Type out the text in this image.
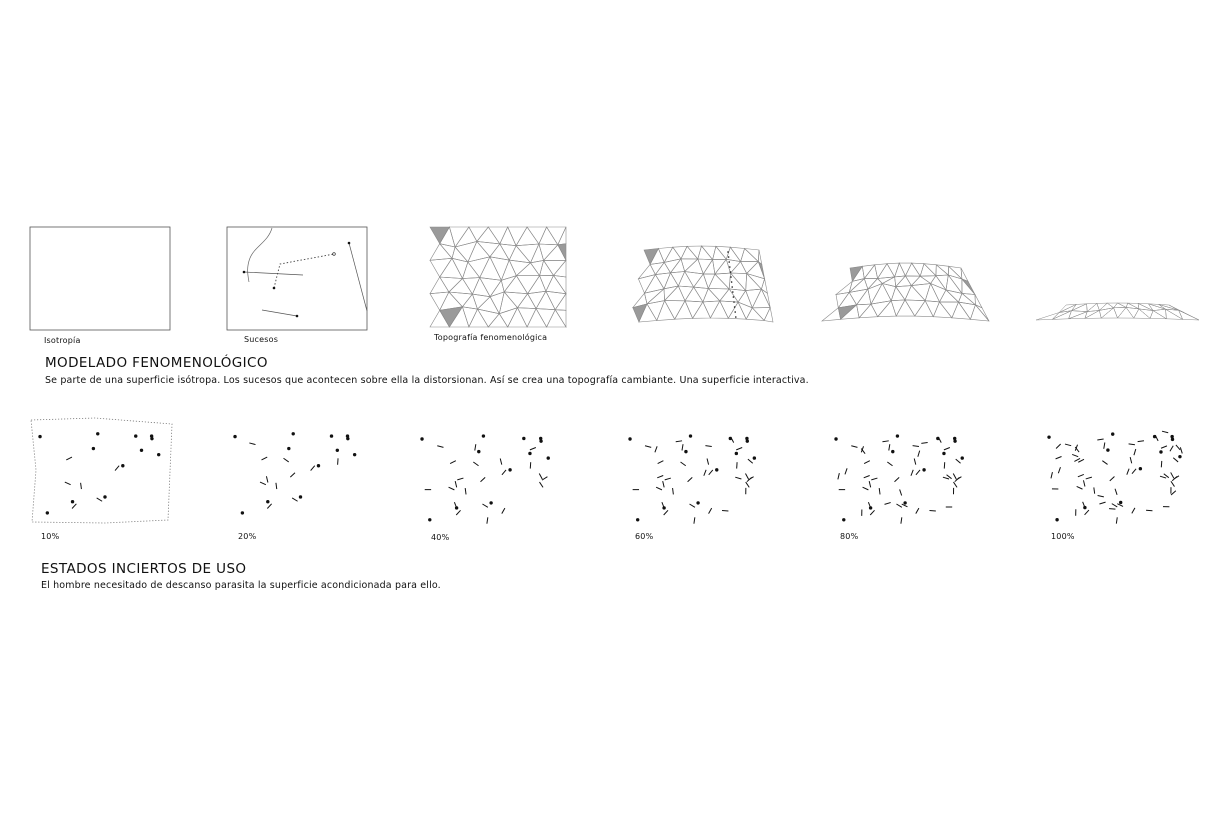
Isotropía	Sucesos	Topografía fenomenológica
MODELADO FENOMENOLÓGICO
Se parte de una superficie isótropa. Los sucesos que acontecen sobre ella la distorsionan. Así se crea una topografía cambiante. Una superficie interactiva.
10%	20%	40%	60%	80%	100%
ESTADOS INCIERTOS DE USO
El hombre necesitado de descanso parasita la superficie acondicionada para ello.
